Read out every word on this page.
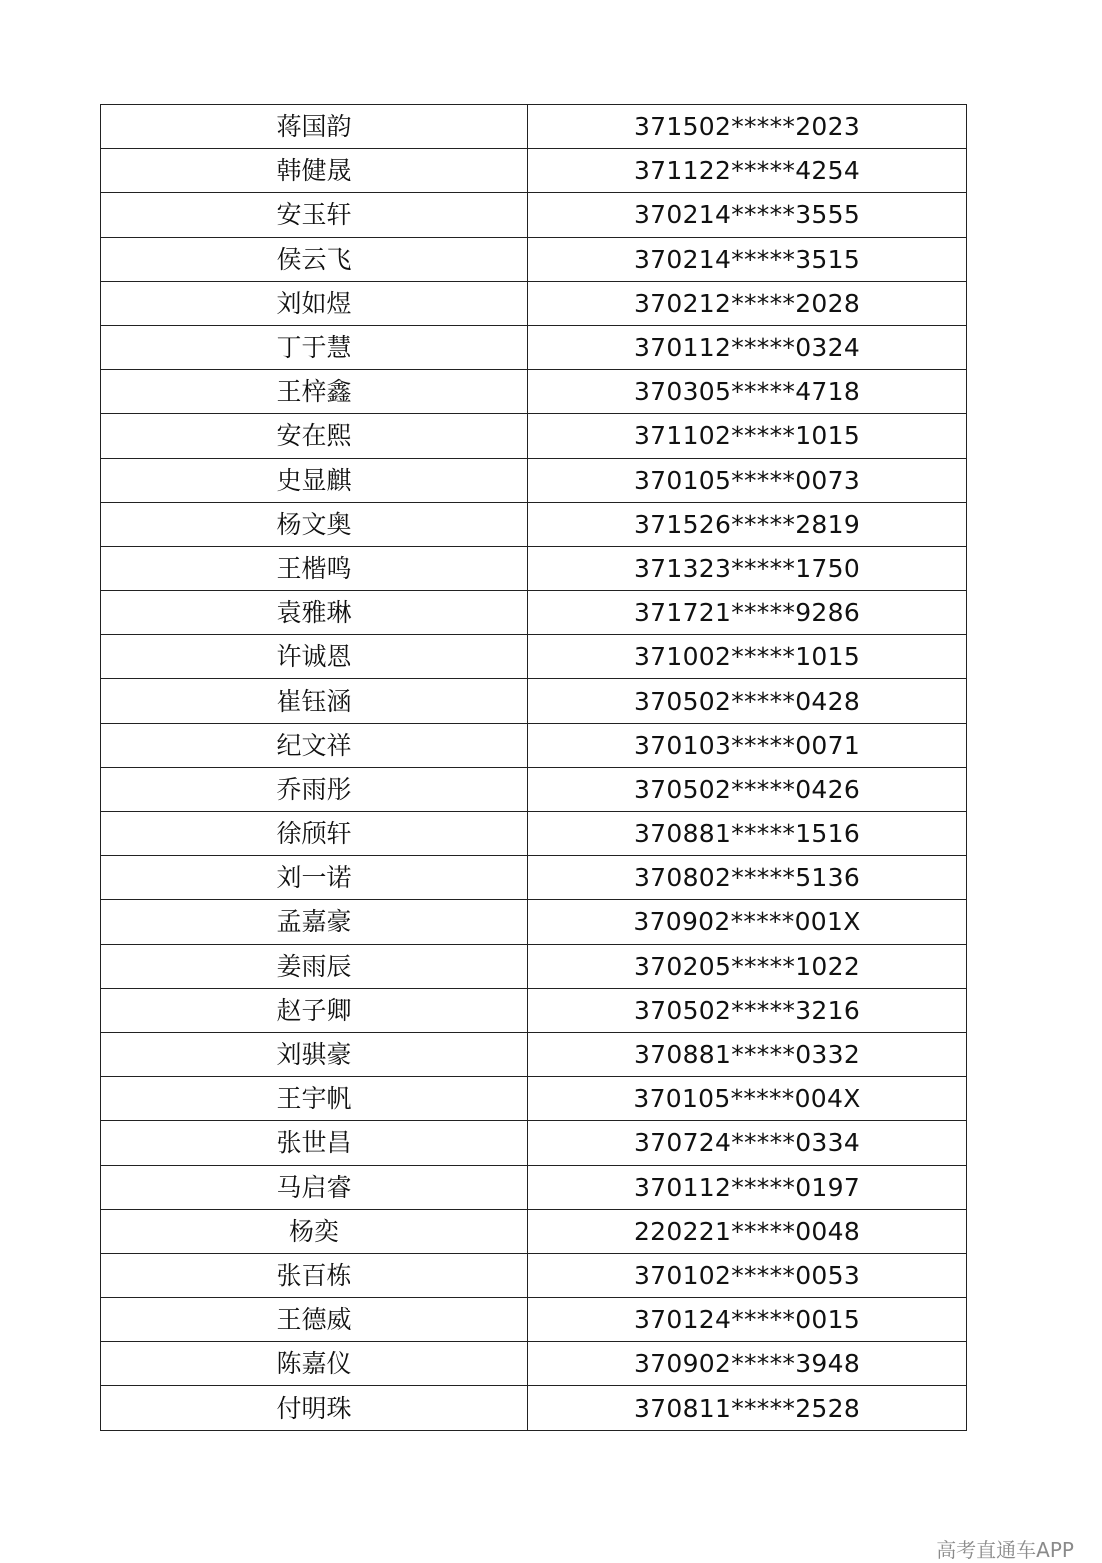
蒋国韵	371502*****2023
韩健晟	371122*****4254
安玉轩	370214*****3555
侯云飞	370214*****3515
刘如煜	370212*****2028
丁于慧	370112*****0324
王梓鑫	370305*****4718
安在熙	371102*****1015
史显麒	370105*****0073
杨文奥	371526*****2819
王楷鸣	371323*****1750
袁雅琳	371721*****9286
许诚恩	371002*****1015
崔钰涵	370502*****0428
纪文祥	370103*****0071
乔雨彤	370502*****0426
徐颀轩	370881*****1516
刘一诺	370802*****5136
孟嘉豪	370902*****001X
姜雨辰	370205*****1022
赵子卿	370502*****3216
刘骐豪	370881*****0332
王宇帆	370105*****004X
张世昌	370724*****0334
马启睿	370112*****0197
杨奕	220221*****0048
张百栋	370102*****0053
王德威	370124*****0015
陈嘉仪	370902*****3948
付明珠	370811*****2528
高考直通车APP
